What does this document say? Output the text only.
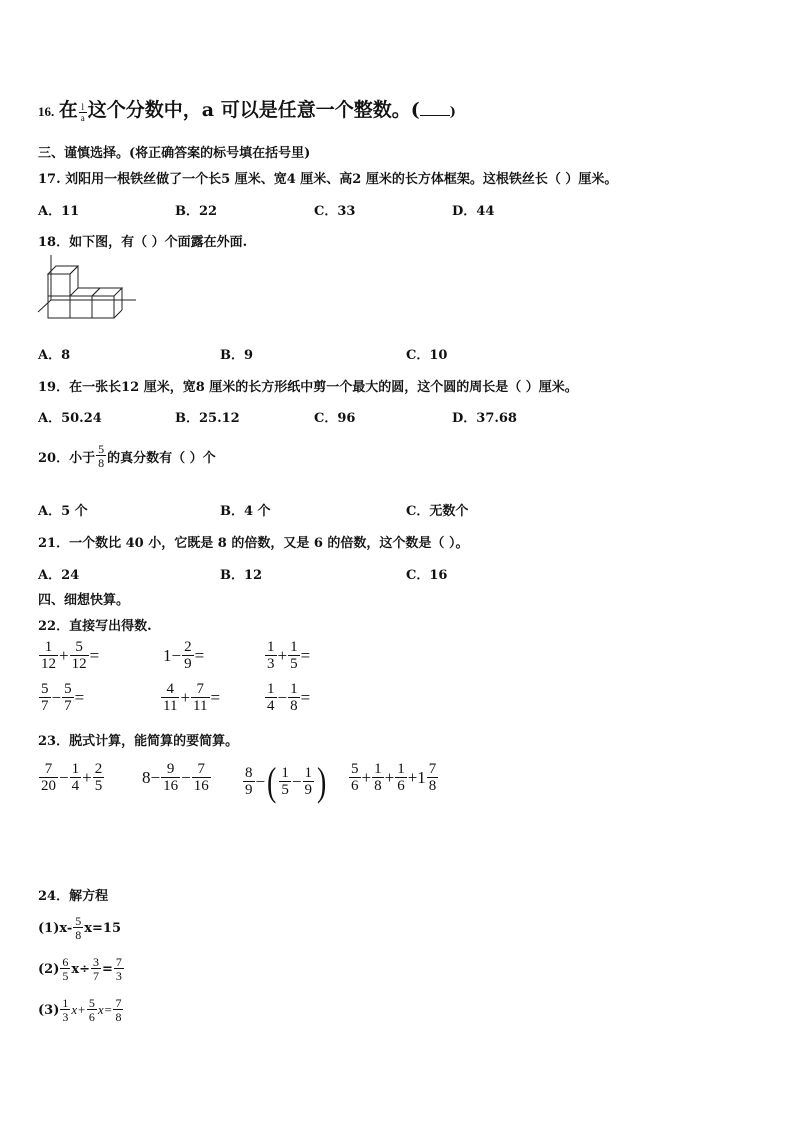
16. 在 $\frac{l}{a}$ 这个分数中，a 可以是任意一个整数。( )
三、谨慎选择。(将正确答案的标号填在括号里)
17. 刘阳用一根铁丝做了一个长5 厘米、宽4 厘米、高2 厘米的长方体框架。这根铁丝长（ ）厘米。
A．11	B．22	C．33	D．44
18．如下图，有（ ）个面露在外面.
A．8	B．9	C．10
19．在一张长12 厘米，宽8 厘米的长方形纸中剪一个最大的圆，这个圆的周长是（ ）厘米。
A．50.24	B．25.12	C．96	D．37.68
20．小于 $\frac{5}{8}$ 的真分数有（ ）个
A．5 个	B．4 个	C．无数个
21．一个数比 40 小，它既是 8 的倍数，又是 6 的倍数，这个数是（ ）。
A．24	B．12	C．16
四、细想快算。
22．直接写出得数.
$\frac{1}{12} + \frac{5}{12}$ =	$1 - \frac{2}{9}$ =	$\frac{1}{3} + \frac{1}{5}$ =
$\frac{5}{7} - \frac{5}{7}$ =	$\frac{4}{11} + \frac{7}{11}$ =	$\frac{1}{4} - \frac{1}{8}$ =
23．脱式计算，能简算的要简算。
$\frac{7}{20} - \frac{1}{4} + \frac{2}{5} 8 - \frac{9}{16} - \frac{7}{16} \frac{8}{9}$ − ( $\frac{1}{5} - \frac{1}{9}$ ) $\frac{5}{6} + \frac{1}{8} + \frac{1}{6} + 1 \frac{7}{8}$
24．解方程
$(1)x- \frac{5}{8} x=15$
$(2) \frac{6}{5} x\div \frac{3}{7} = \frac{7}{3}$
$(3) \frac{1}{3} x+ \frac{5}{6} x= \frac{7}{8}$
